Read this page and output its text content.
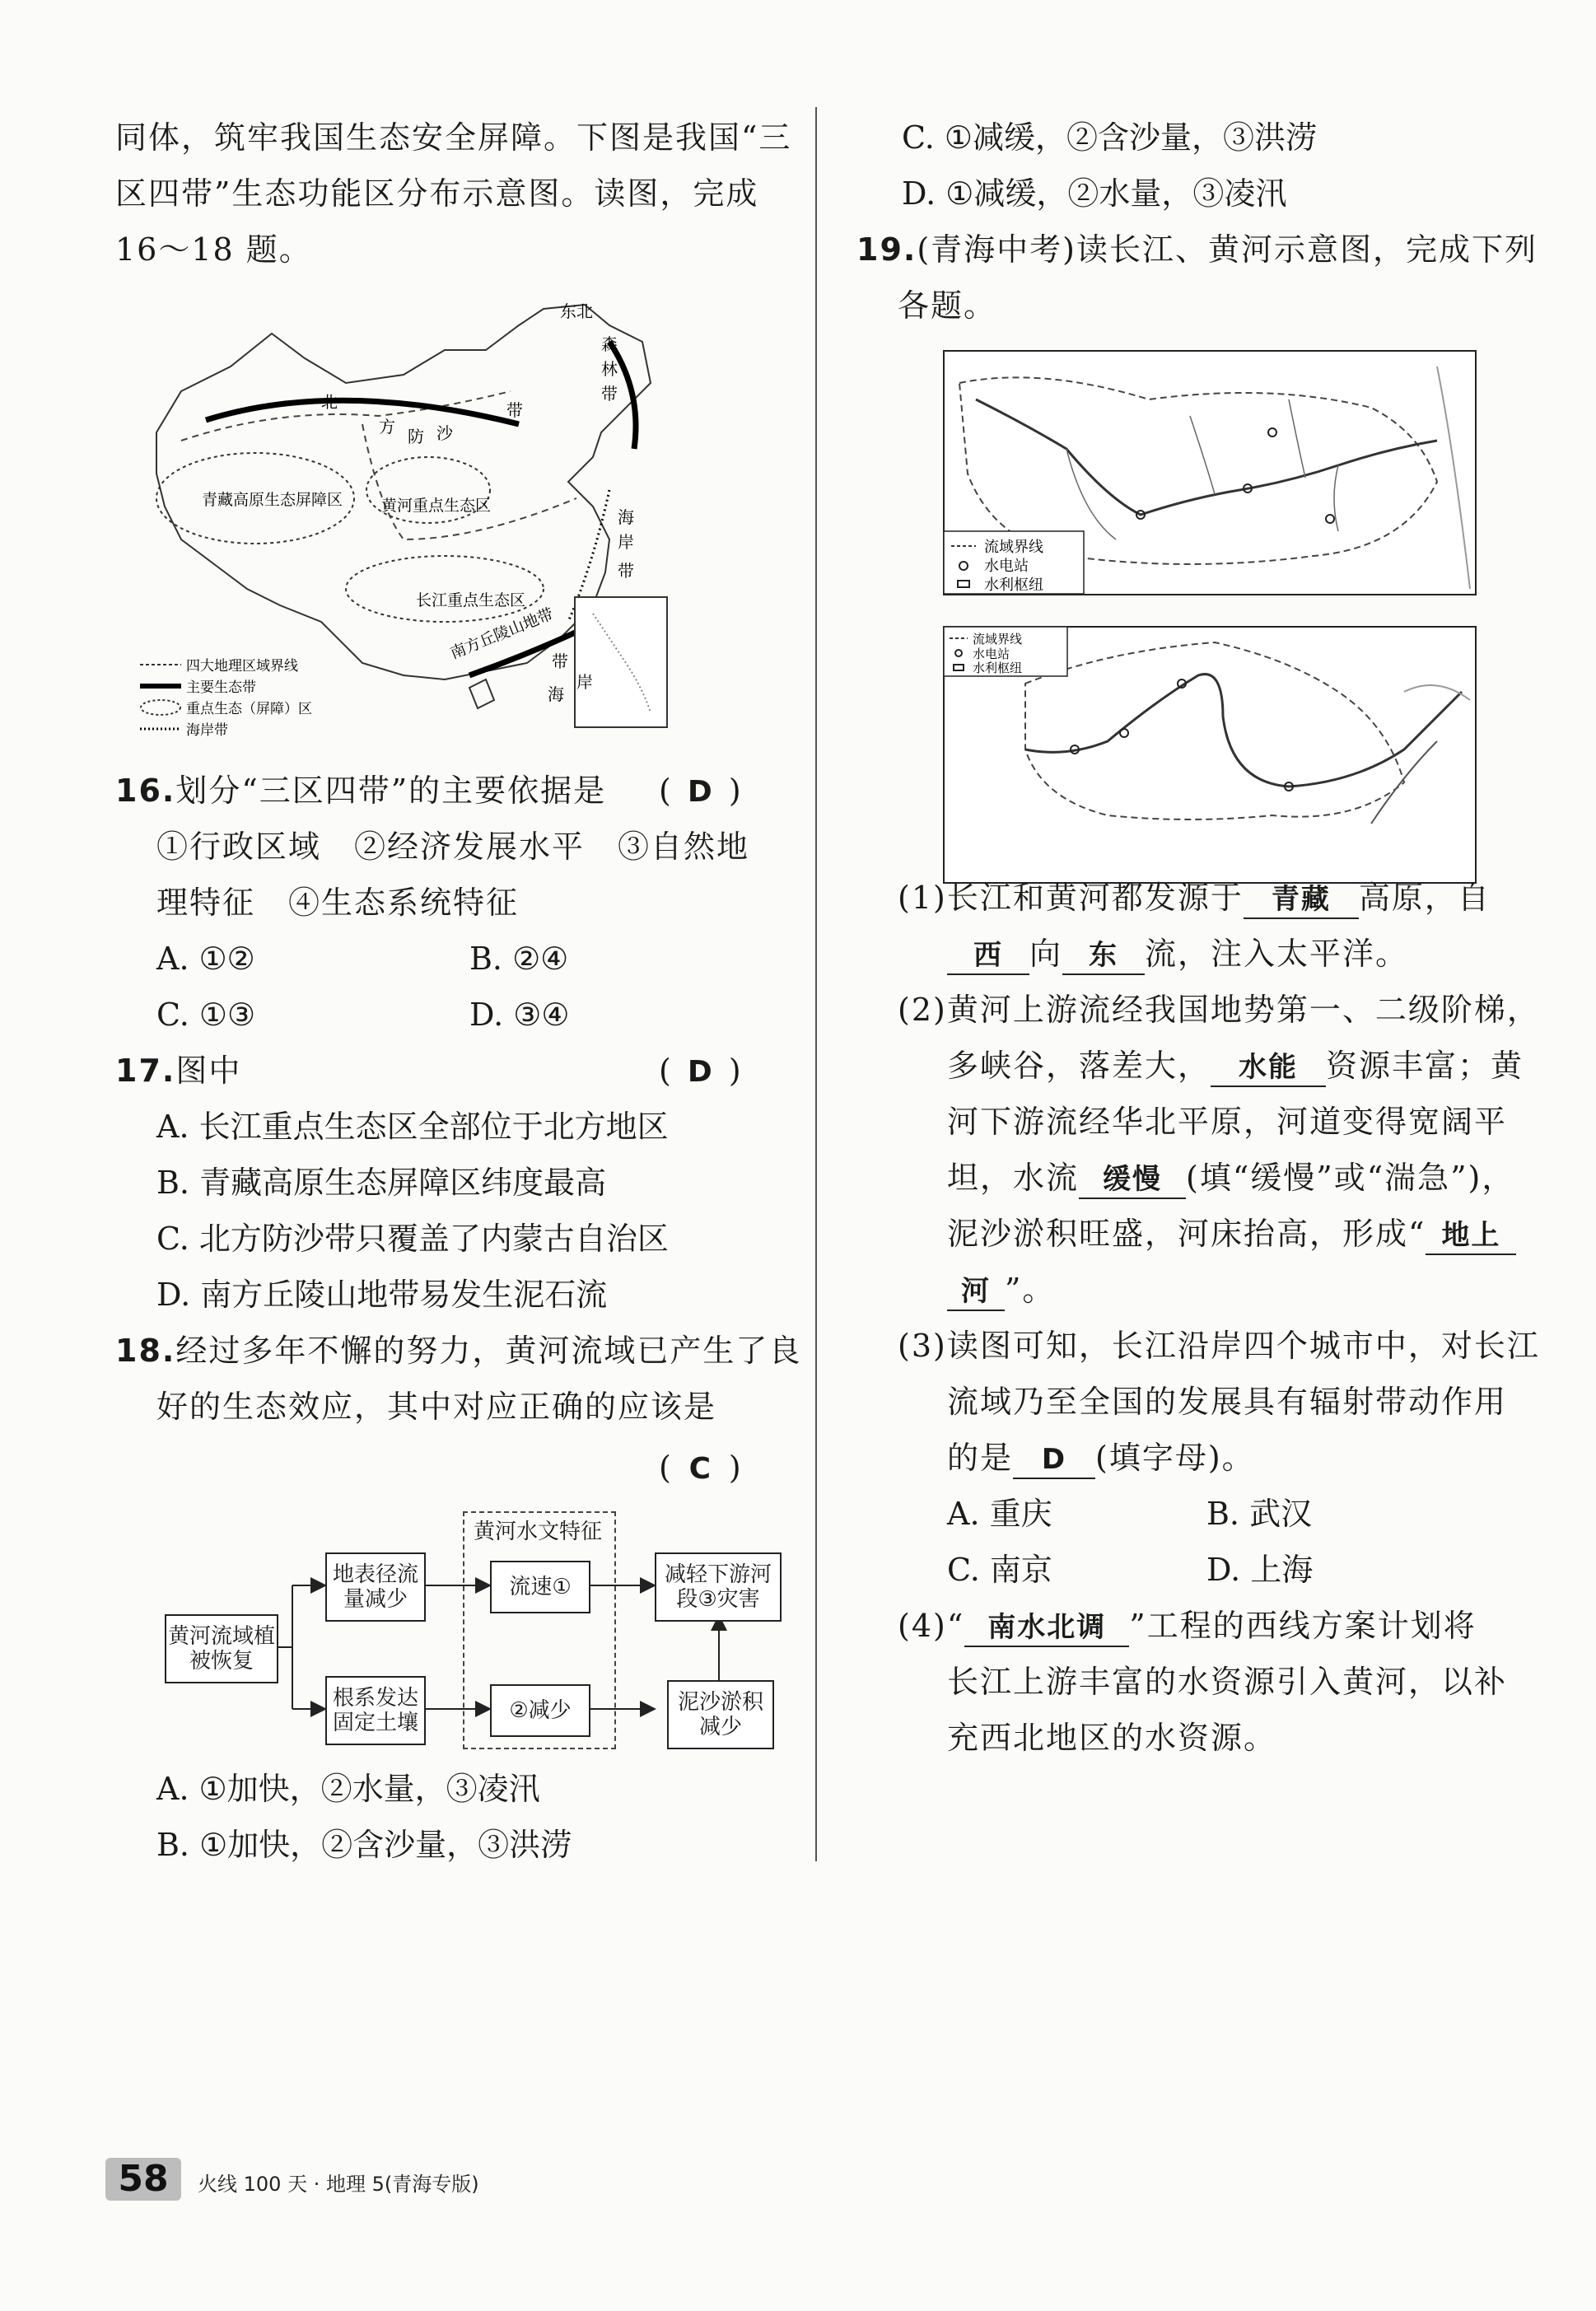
同体，筑牢我国生态安全屏障。下图是我国“三
区四带”生态功能区分布示意图。读图，完成
16～18 题。
北
方 防 沙
带
东北
森
林
带
青藏高原生态屏障区 黄河重点生态区
长江重点生态区
南方丘陵山地带
海
岸
带
海
岸
带
四大地理区域界线
主要生态带
重点生态（屏障）区
海岸带
16.划分“三区四带”的主要依据是 ( D )
①行政区域　②经济发展水平　③自然地
理特征　④生态系统特征
A. ①②	B. ②④
C. ①③	D. ③④
17.图中	( D )
A. 长江重点生态区全部位于北方地区
B. 青藏高原生态屏障区纬度最高
C. 北方防沙带只覆盖了内蒙古自治区
D. 南方丘陵山地带易发生泥石流
18.经过多年不懈的努力，黄河流域已产生了良
好的生态效应，其中对应正确的应该是
( C )
黄河水文特征
黄河流域植被恢复
地表径流量减少
根系发达固定土壤
流速①
②减少
减轻下游河段③灾害
泥沙淤积减少
A. ①加快，②水量，③凌汛
B. ①加快，②含沙量，③洪涝
C. ①减缓，②含沙量，③洪涝
D. ①减缓，②水量，③凌汛
19.(青海中考)读长江、黄河示意图，完成下列
各题。
流域界线
水电站
水利枢纽
流域界线
水电站
水利枢纽
(1)长江和黄河都发源于 青藏 高原，自
西 向 东 流，注入太平洋。
(2)黄河上游流经我国地势第一、二级阶梯，
多峡谷，落差大， 水能 资源丰富；黄
河下游流经华北平原，河道变得宽阔平
坦，水流 缓慢 (填“缓慢”或“湍急”)，
泥沙淤积旺盛，河床抬高，形成“ 地上
河 ”。
(3)读图可知，长江沿岸四个城市中，对长江
流域乃至全国的发展具有辐射带动作用
的是 D (填字母)。
A. 重庆	B. 武汉
C. 南京	D. 上海
(4)“ 南水北调 ”工程的西线方案计划将
长江上游丰富的水资源引入黄河，以补
充西北地区的水资源。
58	火线 100 天 · 地理 5(青海专版)
